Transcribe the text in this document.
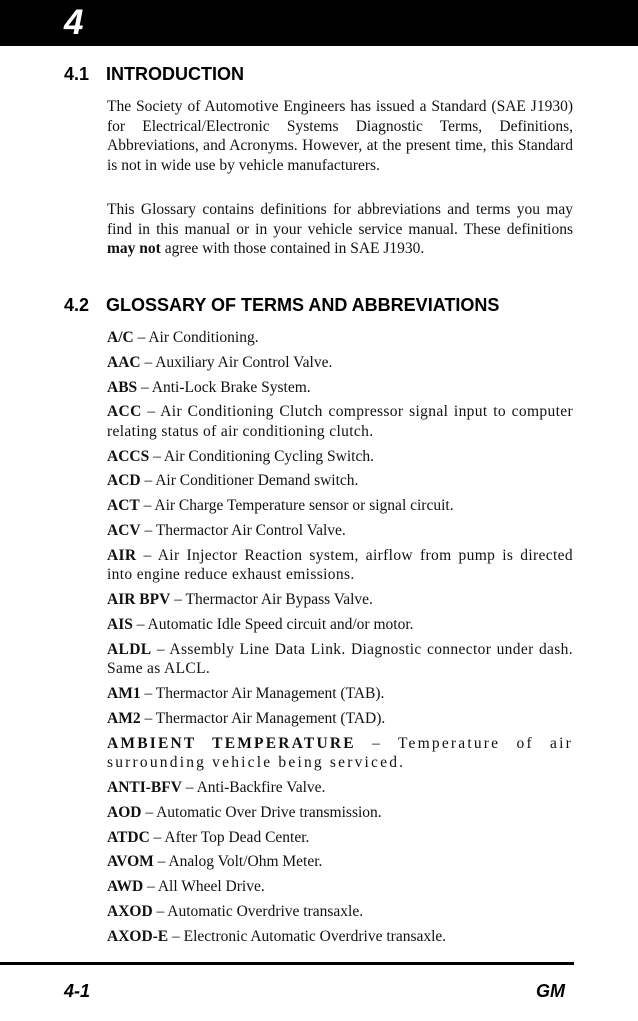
4
4.1 INTRODUCTION

The Society of Automotive Engineers has issued a Standard (SAE J1930) for Electrical/Electronic Systems Diagnostic Terms, Definitions, Abbreviations, and Acronyms. However, at the present time, this Standard is not in wide use by vehicle manufacturers.

This Glossary contains definitions for abbreviations and terms you may find in this manual or in your vehicle service manual. These definitions may not agree with those contained in SAE J1930.

4.2 GLOSSARY OF TERMS AND ABBREVIATIONS

A/C – Air Conditioning.

AAC – Auxiliary Air Control Valve.

ABS – Anti-Lock Brake System.

ACC – Air Conditioning Clutch compressor signal input to computer relating status of air conditioning clutch.

ACCS – Air Conditioning Cycling Switch.

ACD – Air Conditioner Demand switch.

ACT – Air Charge Temperature sensor or signal circuit.

ACV – Thermactor Air Control Valve.

AIR – Air Injector Reaction system, airflow from pump is directed into engine reduce exhaust emissions.

AIR BPV – Thermactor Air Bypass Valve.

AIS – Automatic Idle Speed circuit and/or motor.

ALDL – Assembly Line Data Link. Diagnostic connector under dash. Same as ALCL.

AM1 – Thermactor Air Management (TAB).

AM2 – Thermactor Air Management (TAD).

AMBIENT TEMPERATURE – Temperature of air surrounding vehicle being serviced.

ANTI-BFV – Anti-Backfire Valve.

AOD – Automatic Over Drive transmission.

ATDC – After Top Dead Center.

AVOM – Analog Volt/Ohm Meter.

AWD – All Wheel Drive.

AXOD – Automatic Overdrive transaxle.

AXOD-E – Electronic Automatic Overdrive transaxle.

4-1	GM
